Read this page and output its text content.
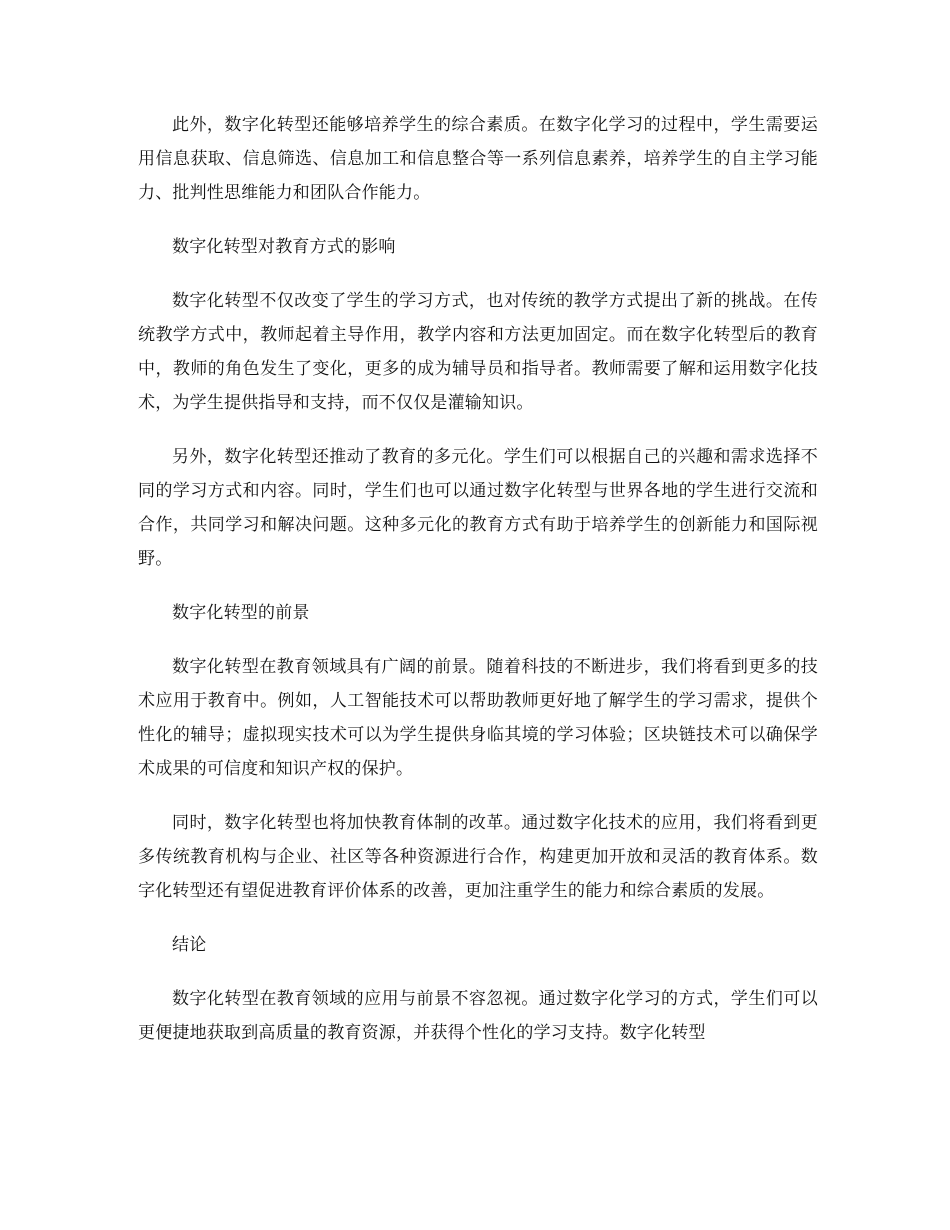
此外，数字化转型还能够培养学生的综合素质。在数字化学习的过程中，学生需要运用信息获取、信息筛选、信息加工和信息整合等一系列信息素养，培养学生的自主学习能力、批判性思维能力和团队合作能力。

数字化转型对教育方式的影响

数字化转型不仅改变了学生的学习方式，也对传统的教学方式提出了新的挑战。在传统教学方式中，教师起着主导作用，教学内容和方法更加固定。而在数字化转型后的教育中，教师的角色发生了变化，更多的成为辅导员和指导者。教师需要了解和运用数字化技术，为学生提供指导和支持，而不仅仅是灌输知识。

另外，数字化转型还推动了教育的多元化。学生们可以根据自己的兴趣和需求选择不同的学习方式和内容。同时，学生们也可以通过数字化转型与世界各地的学生进行交流和合作，共同学习和解决问题。这种多元化的教育方式有助于培养学生的创新能力和国际视野。

数字化转型的前景

数字化转型在教育领域具有广阔的前景。随着科技的不断进步，我们将看到更多的技术应用于教育中。例如，人工智能技术可以帮助教师更好地了解学生的学习需求，提供个性化的辅导；虚拟现实技术可以为学生提供身临其境的学习体验；区块链技术可以确保学术成果的可信度和知识产权的保护。

同时，数字化转型也将加快教育体制的改革。通过数字化技术的应用，我们将看到更多传统教育机构与企业、社区等各种资源进行合作，构建更加开放和灵活的教育体系。数字化转型还有望促进教育评价体系的改善，更加注重学生的能力和综合素质的发展。

结论

数字化转型在教育领域的应用与前景不容忽视。通过数字化学习的方式，学生们可以更便捷地获取到高质量的教育资源，并获得个性化的学习支持。数字化转型
